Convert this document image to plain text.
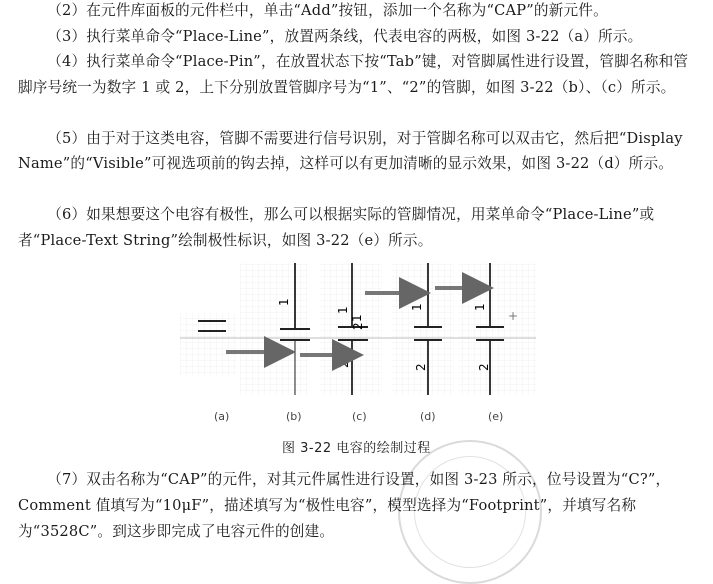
（2）在元件库面板的元件栏中，单击“Add”按钮，添加一个名称为“CAP”的新元件。

（3）执行菜单命令“Place-Line”，放置两条线，代表电容的两极，如图 3-22（a）所示。

（4）执行菜单命令“Place-Pin”，在放置状态下按“Tab”键，对管脚属性进行设置，管脚名称和管脚序号统一为数字 1 或 2，上下分别放置管脚序号为“1”、“2”的管脚，如图 3-22（b）、（c）所示。

（5）由于对于这类电容，管脚不需要进行信号识别，对于管脚名称可以双击它，然后把“Display Name”的“Visible”可视选项前的钩去掉，这样可以有更加清晰的显示效果，如图 3-22（d）所示。

（6）如果想要这个电容有极性，那么可以根据实际的管脚情况，用菜单命令“Place-Line”或者“Place-Text String”绘制极性标识，如图 3-22（e）所示。

1
1
1
2
2
1
2
1
2
+
(a)	(b)	(c)	(d)	(e)
图 3-22 电容的绘制过程

（7）双击名称为“CAP”的元件，对其元件属性进行设置，如图 3-23 所示，位号设置为“C?”，Comment 值填写为“10μF”，描述填写为“极性电容”，模型选择为“Footprint”，并填写名称为“3528C”。到这步即完成了电容元件的创建。
